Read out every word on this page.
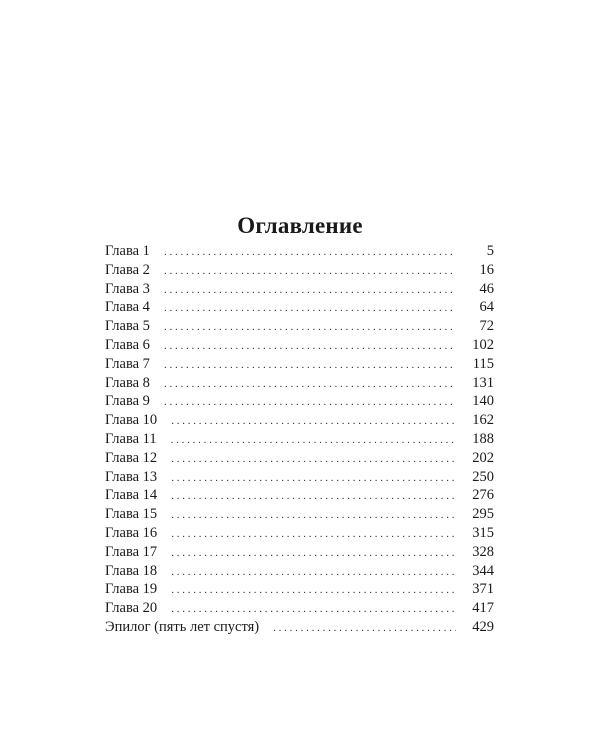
Оглавление
Глава 1 . . .	5
Глава 2 . . .	16
Глава 3 . . .	46
Глава 4 . . .	64
Глава 5 . . .	72
Глава 6 . . .	102
Глава 7 . . .	115
Глава 8 . . .	131
Глава 9 . . .	140
Глава 10 . . .	162
Глава 11 . . .	188
Глава 12 . . .	202
Глава 13 . . .	250
Глава 14 . . .	276
Глава 15 . . .	295
Глава 16 . . .	315
Глава 17 . . .	328
Глава 18 . . .	344
Глава 19 . . .	371
Глава 20 . . .	417
Эпилог (пять лет спустя) . . .	429
